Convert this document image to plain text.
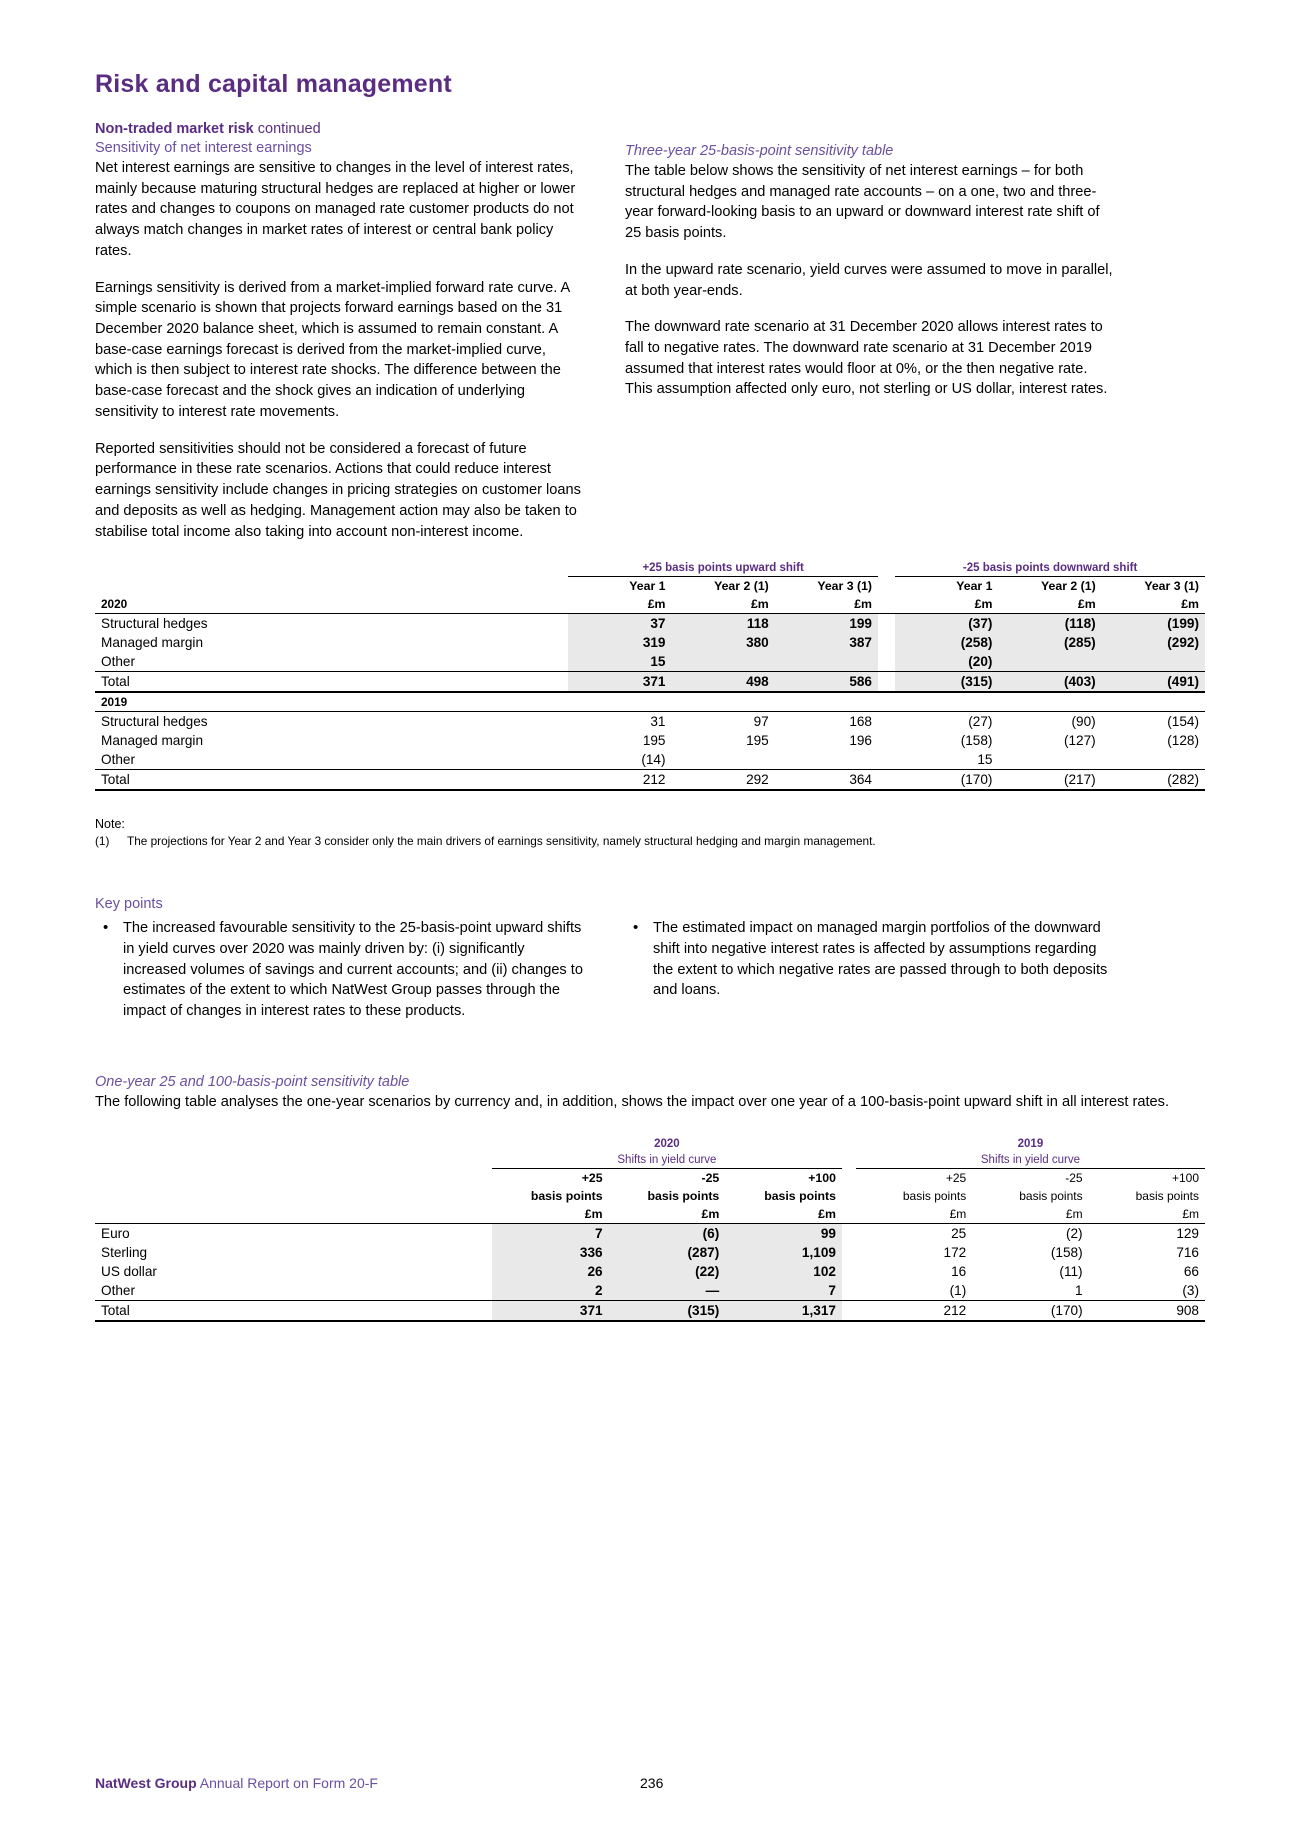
Risk and capital management
Non-traded market risk continued
Sensitivity of net interest earnings

Net interest earnings are sensitive to changes in the level of interest rates, mainly because maturing structural hedges are replaced at higher or lower rates and changes to coupons on managed rate customer products do not always match changes in market rates of interest or central bank policy rates.

Earnings sensitivity is derived from a market-implied forward rate curve. A simple scenario is shown that projects forward earnings based on the 31 December 2020 balance sheet, which is assumed to remain constant. A base-case earnings forecast is derived from the market-implied curve, which is then subject to interest rate shocks. The difference between the base-case forecast and the shock gives an indication of underlying sensitivity to interest rate movements.

Reported sensitivities should not be considered a forecast of future performance in these rate scenarios. Actions that could reduce interest earnings sensitivity include changes in pricing strategies on customer loans and deposits as well as hedging. Management action may also be taken to stabilise total income also taking into account non-interest income.

Three-year 25-basis-point sensitivity table

The table below shows the sensitivity of net interest earnings – for both structural hedges and managed rate accounts – on a one, two and three-year forward-looking basis to an upward or downward interest rate shift of 25 basis points.

In the upward rate scenario, yield curves were assumed to move in parallel, at both year-ends.

The downward rate scenario at 31 December 2020 allows interest rates to fall to negative rates. The downward rate scenario at 31 December 2019 assumed that interest rates would floor at 0%, or the then negative rate. This assumption affected only euro, not sterling or US dollar, interest rates.

	+25 basis points upward shift				-25 basis points downward shift		
	Year 1	Year 2 (1)	Year 3 (1)		Year 1	Year 2 (1)	Year 3 (1)
2020	£m	£m	£m		£m	£m	£m
Structural hedges	37	118	199		(37)	(118)	(199)
Managed margin	319	380	387		(258)	(285)	(292)
Other	15				(20)		
Total	371	498	586		(315)	(403)	(491)
2019							
Structural hedges	31	97	168		(27)	(90)	(154)
Managed margin	195	195	196		(158)	(127)	(128)
Other	(14)				15		
Total	212	292	364		(170)	(217)	(282)
Note:
(1)	The projections for Year 2 and Year 3 consider only the main drivers of earnings sensitivity, namely structural hedging and margin management.
Key points
• The increased favourable sensitivity to the 25-basis-point upward shifts in yield curves over 2020 was mainly driven by: (i) significantly increased volumes of savings and current accounts; and (ii) changes to estimates of the extent to which NatWest Group passes through the impact of changes in interest rates to these products.
• The estimated impact on managed margin portfolios of the downward shift into negative interest rates is affected by assumptions regarding the extent to which negative rates are passed through to both deposits and loans.
One-year 25 and 100-basis-point sensitivity table

The following table analyses the one-year scenarios by currency and, in addition, shows the impact over one year of a 100-basis-point upward shift in all interest rates.

	2020				2019		
	Shifts in yield curve				Shifts in yield curve		
	+25	-25	+100		+25	-25	+100
	basis points	basis points	basis points		basis points	basis points	basis points
	£m	£m	£m		£m	£m	£m
Euro	7	(6)	99		25	(2)	129
Sterling	336	(287)	1,109		172	(158)	716
US dollar	26	(22)	102		16	(11)	66
Other	2	—	7		(1)	1	(3)
Total	371	(315)	1,317		212	(170)	908
NatWest Group Annual Report on Form 20-F	236
